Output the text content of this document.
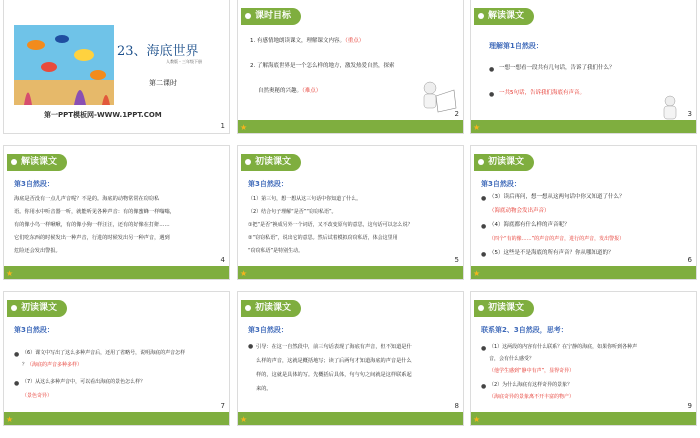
23、海底世界
人教版・三年级下册
第二课时
第一PPT模板网-WWW.1PPT.COM
1
课时目标
1. 有感情地朗读课文，理解课文内容。（重点）
2. 了解海底世界是一个怎么样的地方，激发热爱自然，探索
自然奥秘的兴趣。（难点）
2
★
解读课文
理解第1自然段：
● 一想一想看一段共有几句话，告诉了我们什么？
● 一共5句话，告诉我们海底有声音。
3
★
解读课文
第3自然段：
海底是否没有一点儿声音呢？不是的。海底的动物常常在窃窃私
语。你用水中听音器一听，就能听见各种声音：有的像蜜蜂一样嗡嗡，
有的像小鸟一样啾啾，有的像小狗一样汪汪，还有的好像在打鼾……
它们吃东西的时候发出一种声音，行进的时候发出另一种声音，遇到
危险还会发出警报。
4
★
初读课文
第3自然段：
（1）第三句，想一想从这三句话中你知道了什么。
（2）结合句子理解“是否”“窃窃私语”。
①把“是否”换成另外一个词语，又不改变原句的意思，这句话可以怎么说？
②“窃窃私语”，说出它的意思。然后试着模拟窃窃私语，体会这里用
“窃窃私语”是特别生动。
5
★
初读课文
第3自然段：
● （3）读后再问，想一想从这两句话中你又知道了什么？
（海底动物会发出声音）
● （4）海底都有什么样的声音呢？
（四个“有的像……”的声音的声音，进行的声音，发出警报）
● （5）这些是不是海底的所有声音？你从哪知道的？
6
★
初读课文
第3自然段：
● （6）课文中写出了这么多种声音后，还用了省略号，说明海底的声音怎样
？（海底的声音多种多样）
● （7）从这么多种声音中，可以看出海底的景色怎么样？
（景色奇异）
7
★
初读课文
第3自然段：
● 引导：在这一自然段中，前三句话表现了海底有声音，但不知道是什
么样的声音，这就是概括地写；读了后两句才知道海底的声音是什么
样的，这就是具体的写。先概括后具体，句与句之间就是这样联系起
来的。
8
★
初读课文
联系第2、3自然段，思考：
● （1）这两段的内容有什么联系？在宁静的海底，如果你听到各种声
音，会有什么感受？
（他学生感到“静中有声”，显得奇异）
● （2）为什么海底有这样奇异的景象？
（海底奇异的景象离不开丰富的物产）
9
★
